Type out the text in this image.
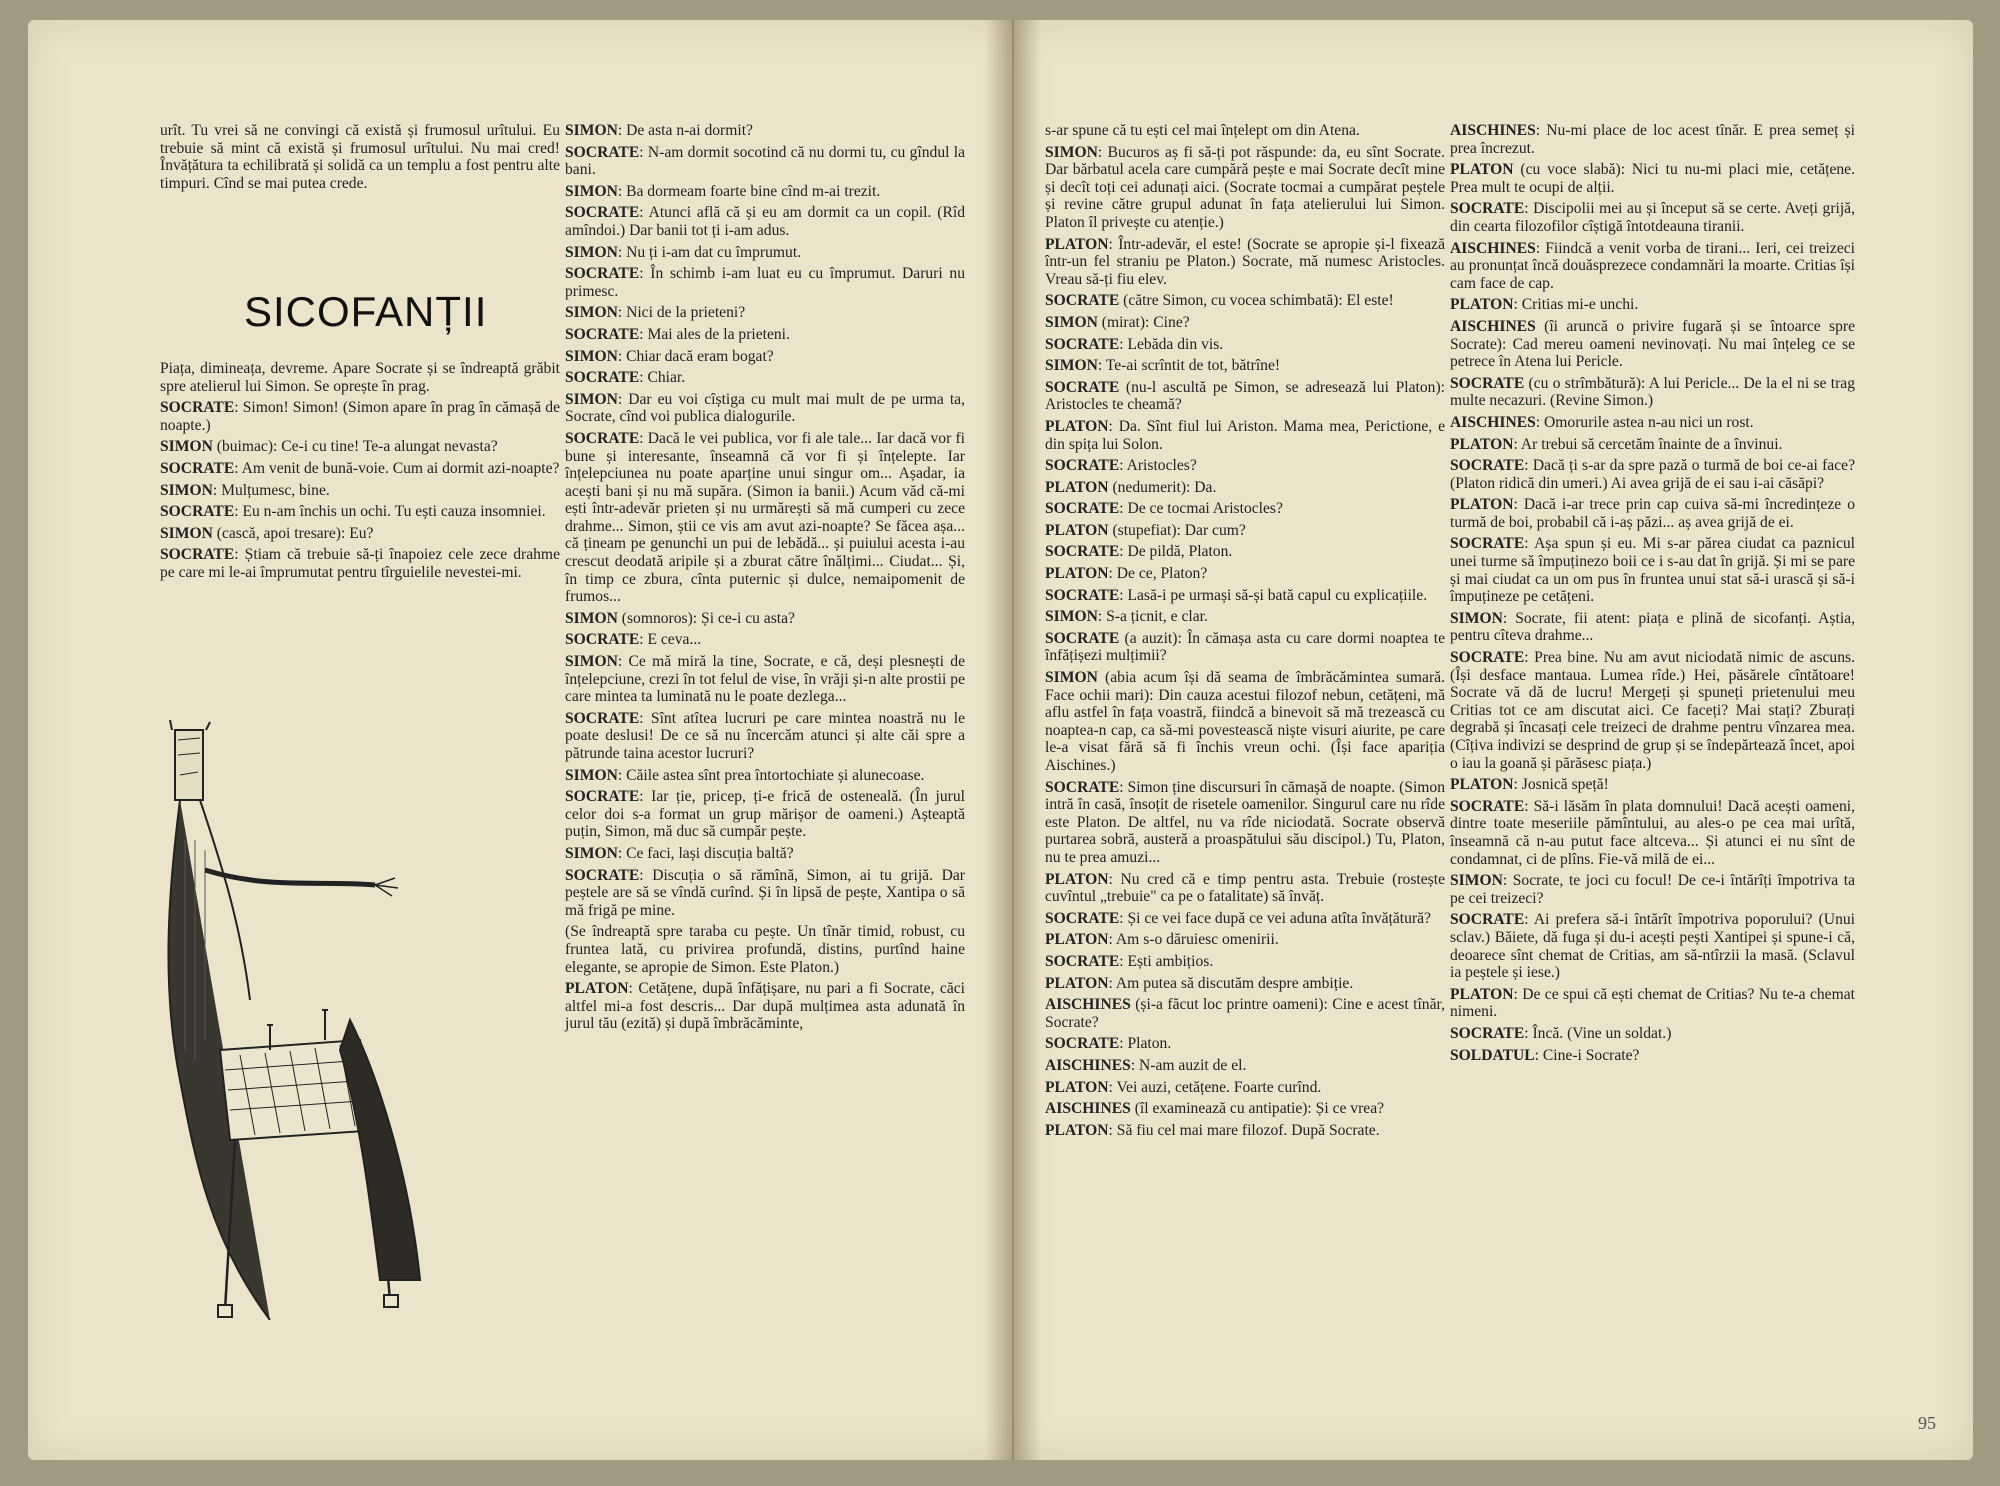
urît. Tu vrei să ne convingi că există și frumosul urîtului. Eu trebuie să mint că există și frumosul urîtului. Nu mai cred! Învățătura ta echilibrată și solidă ca un templu a fost pentru alte timpuri. Cînd se mai putea crede.

SICOFANȚII

Piața, dimineața, devreme. Apare Socrate și se îndreaptă grăbit spre atelierul lui Simon. Se oprește în prag.

SOCRATE: Simon! Simon! (Simon apare în prag în cămașă de noapte.)

SIMON (buimac): Ce-i cu tine! Te-a alungat nevasta?

SOCRATE: Am venit de bună-voie. Cum ai dormit azi-noapte?

SIMON: Mulțumesc, bine.

SOCRATE: Eu n-am închis un ochi. Tu ești cauza insomniei.

SIMON (cască, apoi tresare): Eu?

SOCRATE: Știam că trebuie să-ți înapoiez cele zece drahme pe care mi le-ai împrumutat pentru tîrguielile nevestei-mi.

SIMON: De asta n-ai dormit?

SOCRATE: N-am dormit socotind că nu dormi tu, cu gîndul la bani.

SIMON: Ba dormeam foarte bine cînd m-ai trezit.

SOCRATE: Atunci află că și eu am dormit ca un copil. (Rîd amîndoi.) Dar banii tot ți i-am adus.

SIMON: Nu ți i-am dat cu împrumut.

SOCRATE: În schimb i-am luat eu cu împrumut. Daruri nu primesc.

SIMON: Nici de la prieteni?

SOCRATE: Mai ales de la prieteni.

SIMON: Chiar dacă eram bogat?

SOCRATE: Chiar.

SIMON: Dar eu voi cîștiga cu mult mai mult de pe urma ta, Socrate, cînd voi publica dialogurile.

SOCRATE: Dacă le vei publica, vor fi ale tale... Iar dacă vor fi bune și interesante, înseamnă că vor fi și înțelepte. Iar înțelepciunea nu poate aparține unui singur om... Așadar, ia acești bani și nu mă supăra. (Simon ia banii.) Acum văd că-mi ești într-adevăr prieten și nu urmărești să mă cumperi cu zece drahme... Simon, știi ce vis am avut azi-noapte? Se făcea așa... că țineam pe genunchi un pui de lebădă... și puiului acesta i-au crescut deodată aripile și a zburat către înălțimi... Ciudat... Și, în timp ce zbura, cînta puternic și dulce, nemaipomenit de frumos...

SIMON (somnoros): Și ce-i cu asta?

SOCRATE: E ceva...

SIMON: Ce mă miră la tine, Socrate, e că, deși plesnești de înțelepciune, crezi în tot felul de vise, în vrăji și-n alte prostii pe care mintea ta luminată nu le poate dezlega...

SOCRATE: Sînt atîtea lucruri pe care mintea noastră nu le poate deslusi! De ce să nu încercăm atunci și alte căi spre a pătrunde taina acestor lucruri?

SIMON: Căile astea sînt prea întortochiate și alunecoase.

SOCRATE: Iar ție, pricep, ți-e frică de osteneală. (În jurul celor doi s-a format un grup mărișor de oameni.) Așteaptă puțin, Simon, mă duc să cumpăr pește.

SIMON: Ce faci, lași discuția baltă?

SOCRATE: Discuția o să rămînă, Simon, ai tu grijă. Dar peștele are să se vîndă curînd. Și în lipsă de pește, Xantipa o să mă frigă pe mine.

(Se îndreaptă spre taraba cu pește. Un tînăr timid, robust, cu fruntea lată, cu privirea profundă, distins, purtînd haine elegante, se apropie de Simon. Este Platon.)

PLATON: Cetățene, după înfățișare, nu pari a fi Socrate, căci altfel mi-a fost descris... Dar după mulțimea asta adunată în jurul tău (ezită) și după îmbrăcăminte,

s-ar spune că tu ești cel mai înțelept om din Atena.

SIMON: Bucuros aș fi să-ți pot răspunde: da, eu sînt Socrate. Dar bărbatul acela care cumpără pește e mai Socrate decît mine și decît toți cei adunați aici. (Socrate tocmai a cumpărat peștele și revine către grupul adunat în fața atelierului lui Simon. Platon îl privește cu atenție.)

PLATON: Într-adevăr, el este! (Socrate se apropie și-l fixează într-un fel straniu pe Platon.) Socrate, mă numesc Aristocles. Vreau să-ți fiu elev.

SOCRATE (către Simon, cu vocea schimbată): El este!

SIMON (mirat): Cine?

SOCRATE: Lebăda din vis.

SIMON: Te-ai scrîntit de tot, bătrîne!

SOCRATE (nu-l ascultă pe Simon, se adresează lui Platon): Aristocles te cheamă?

PLATON: Da. Sînt fiul lui Ariston. Mama mea, Perictione, e din spița lui Solon.

SOCRATE: Aristocles?

PLATON (nedumerit): Da.

SOCRATE: De ce tocmai Aristocles?

PLATON (stupefiat): Dar cum?

SOCRATE: De pildă, Platon.

PLATON: De ce, Platon?

SOCRATE: Lasă-i pe urmași să-și bată capul cu explicațiile.

SIMON: S-a țicnit, e clar.

SOCRATE (a auzit): În cămașa asta cu care dormi noaptea te înfățișezi mulțimii?

SIMON (abia acum își dă seama de îmbrăcămintea sumară. Face ochii mari): Din cauza acestui filozof nebun, cetățeni, mă aflu astfel în fața voastră, fiindcă a binevoit să mă trezească cu noaptea-n cap, ca să-mi povestească niște visuri aiurite, pe care le-a visat fără să fi închis vreun ochi. (Își face apariția Aischines.)

SOCRATE: Simon ține discursuri în cămașă de noapte. (Simon intră în casă, însoțit de risetele oamenilor. Singurul care nu rîde este Platon. De altfel, nu va rîde niciodată. Socrate observă purtarea sobră, austeră a proaspătului său discipol.) Tu, Platon, nu te prea amuzi...

PLATON: Nu cred că e timp pentru asta. Trebuie (rostește cuvîntul „trebuie" ca pe o fatalitate) să învăț.

SOCRATE: Și ce vei face după ce vei aduna atîta învățătură?

PLATON: Am s-o dăruiesc omenirii.

SOCRATE: Ești ambițios.

PLATON: Am putea să discutăm despre ambiție.

AISCHINES (și-a făcut loc printre oameni): Cine e acest tînăr, Socrate?

SOCRATE: Platon.

AISCHINES: N-am auzit de el.

PLATON: Vei auzi, cetățene. Foarte curînd.

AISCHINES (îl examinează cu antipatie): Și ce vrea?

PLATON: Să fiu cel mai mare filozof. După Socrate.

AISCHINES: Nu-mi place de loc acest tînăr. E prea semeț și prea încrezut.

PLATON (cu voce slabă): Nici tu nu-mi placi mie, cetățene. Prea mult te ocupi de alții.

SOCRATE: Discipolii mei au și început să se certe. Aveți grijă, din cearta filozofilor cîștigă întotdeauna tiranii.

AISCHINES: Fiindcă a venit vorba de tirani... Ieri, cei treizeci au pronunțat încă douăsprezece condamnări la moarte. Critias își cam face de cap.

PLATON: Critias mi-e unchi.

AISCHINES (îi aruncă o privire fugară și se întoarce spre Socrate): Cad mereu oameni nevinovați. Nu mai înțeleg ce se petrece în Atena lui Pericle.

SOCRATE (cu o strîmbătură): A lui Pericle... De la el ni se trag multe necazuri. (Revine Simon.)

AISCHINES: Omorurile astea n-au nici un rost.

PLATON: Ar trebui să cercetăm înainte de a învinui.

SOCRATE: Dacă ți s-ar da spre pază o turmă de boi ce-ai face? (Platon ridică din umeri.) Ai avea grijă de ei sau i-ai căsăpi?

PLATON: Dacă i-ar trece prin cap cuiva să-mi încredințeze o turmă de boi, probabil că i-aș păzi... aș avea grijă de ei.

SOCRATE: Așa spun și eu. Mi s-ar părea ciudat ca paznicul unei turme să împuținezo boii ce i s-au dat în grijă. Și mi se pare și mai ciudat ca un om pus în fruntea unui stat să-i urască și să-i împuțineze pe cetățeni.

SIMON: Socrate, fii atent: piața e plină de sicofanți. Aștia, pentru cîteva drahme...

SOCRATE: Prea bine. Nu am avut niciodată nimic de ascuns. (Își desface mantaua. Lumea rîde.) Hei, păsărele cîntătoare! Socrate vă dă de lucru! Mergeți și spuneți prietenului meu Critias tot ce am discutat aici. Ce faceți? Mai stați? Zburați degrabă și încasați cele treizeci de drahme pentru vînzarea mea. (Cîțiva indivizi se desprind de grup și se îndepărtează încet, apoi o iau la goană și părăsesc piața.)

PLATON: Josnică speță!

SOCRATE: Să-i lăsăm în plata domnului! Dacă acești oameni, dintre toate meseriile pămîntului, au ales-o pe cea mai urîtă, înseamnă că n-au putut face altceva... Și atunci ei nu sînt de condamnat, ci de plîns. Fie-vă milă de ei...

SIMON: Socrate, te joci cu focul! De ce-i întărîți împotriva ta pe cei treizeci?

SOCRATE: Ai prefera să-i întărît împotriva poporului? (Unui sclav.) Băiete, dă fuga și du-i acești pești Xantipei și spune-i că, deoarece sînt chemat de Critias, am să-ntîrzii la masă. (Sclavul ia peștele și iese.)

PLATON: De ce spui că ești chemat de Critias? Nu te-a chemat nimeni.

SOCRATE: Încă. (Vine un soldat.)

SOLDATUL: Cine-i Socrate?

95
